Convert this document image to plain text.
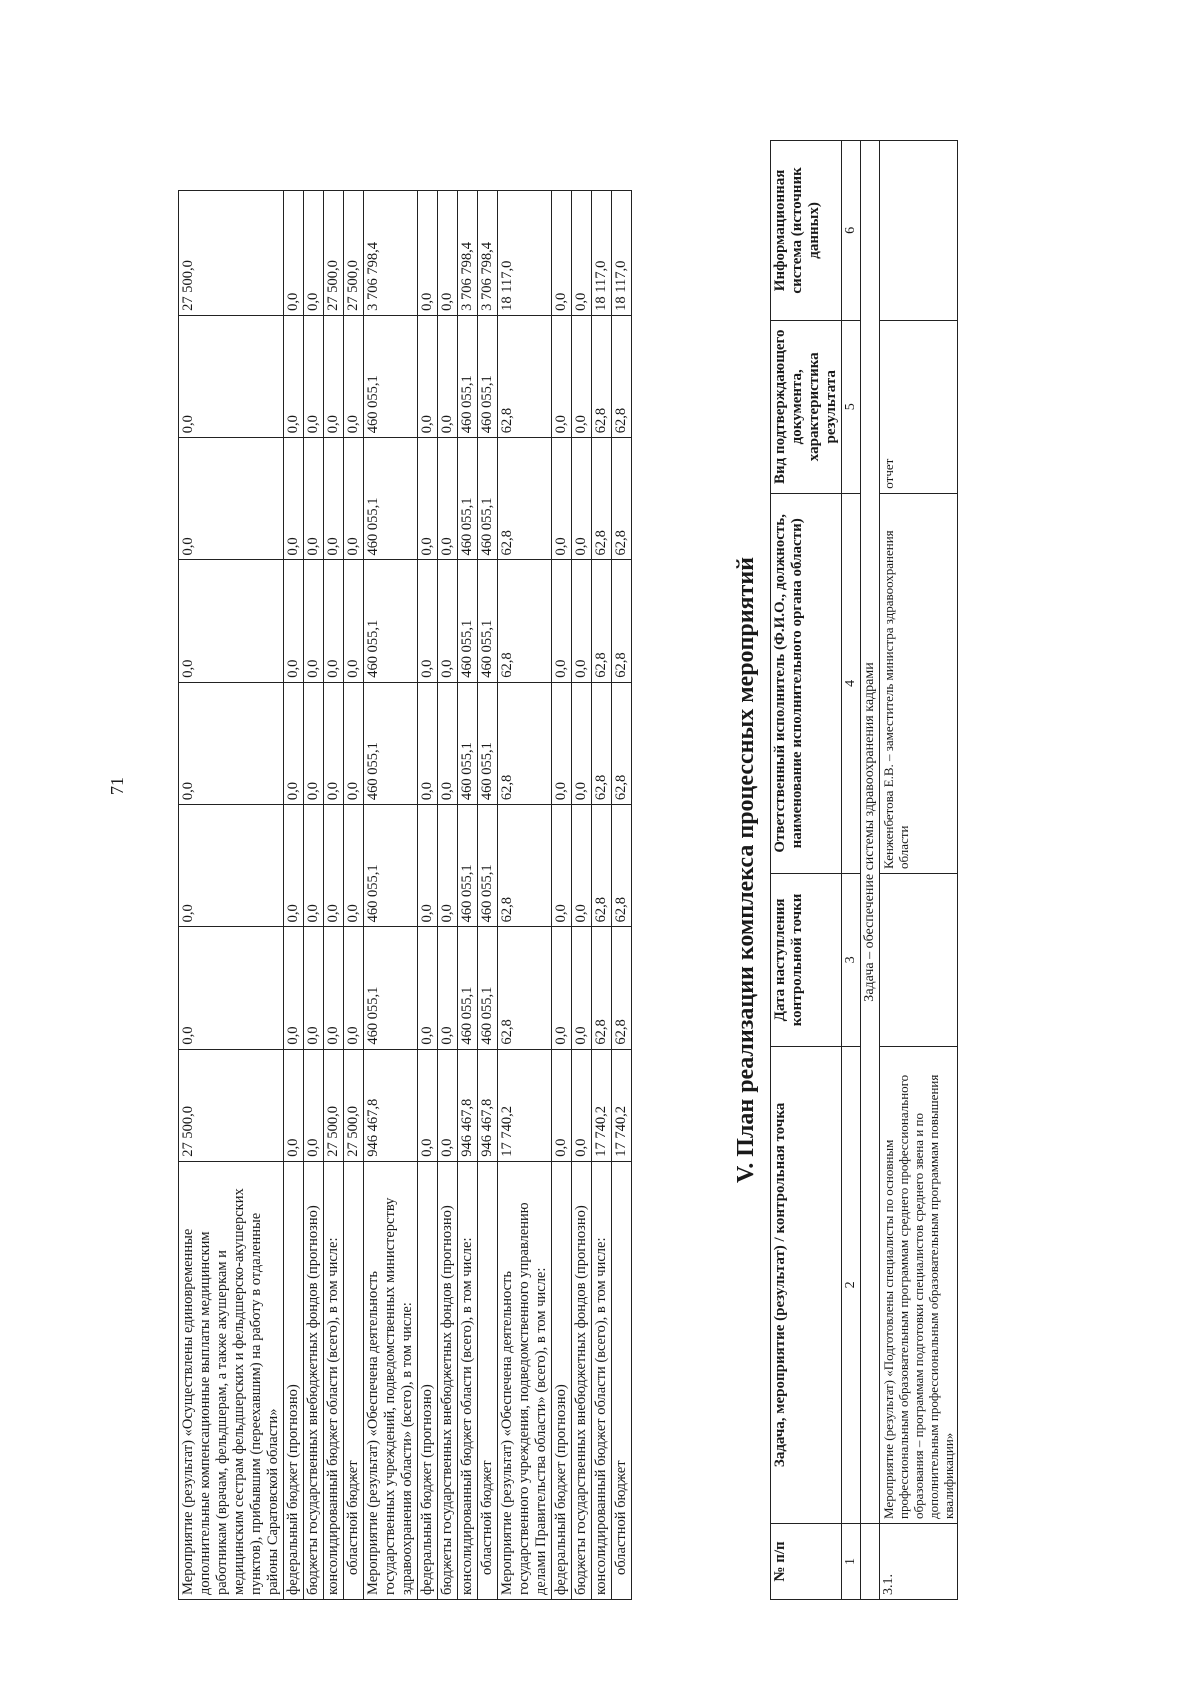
71
Мероприятие (результат) «Осуществлены единовременные дополнительные компенсационные выплаты медицинским работникам (врачам, фельдшерам, а также акушеркам и медицинским сестрам фельдшерских и фельдшерско-акушерских пунктов), прибывшим (переехавшим) на работу в отдаленные районы Саратовской области»	27 500,0	0,0	0,0	0,0	0,0	0,0	0,0	27 500,0
федеральный бюджет (прогнозно)	0,0	0,0	0,0	0,0	0,0	0,0	0,0	0,0
бюджеты государственных внебюджетных фондов (прогнозно)	0,0	0,0	0,0	0,0	0,0	0,0	0,0	0,0
консолидированный бюджет области (всего), в том числе:	27 500,0	0,0	0,0	0,0	0,0	0,0	0,0	27 500,0
областной бюджет	27 500,0	0,0	0,0	0,0	0,0	0,0	0,0	27 500,0
Мероприятие (результат) «Обеспечена деятельность государственных учреждений, подведомственных министерству здравоохранения области» (всего), в том числе:	946 467,8	460 055,1	460 055,1	460 055,1	460 055,1	460 055,1	460 055,1	3 706 798,4
федеральный бюджет (прогнозно)	0,0	0,0	0,0	0,0	0,0	0,0	0,0	0,0
бюджеты государственных внебюджетных фондов (прогнозно)	0,0	0,0	0,0	0,0	0,0	0,0	0,0	0,0
консолидированный бюджет области (всего), в том числе:	946 467,8	460 055,1	460 055,1	460 055,1	460 055,1	460 055,1	460 055,1	3 706 798,4
областной бюджет	946 467,8	460 055,1	460 055,1	460 055,1	460 055,1	460 055,1	460 055,1	3 706 798,4
Мероприятие (результат) «Обеспечена деятельность государственного учреждения, подведомственного управлению делами Правительства области» (всего), в том числе:	17 740,2	62,8	62,8	62,8	62,8	62,8	62,8	18 117,0
федеральный бюджет (прогнозно)	0,0	0,0	0,0	0,0	0,0	0,0	0,0	0,0
бюджеты государственных внебюджетных фондов (прогнозно)	0,0	0,0	0,0	0,0	0,0	0,0	0,0	0,0
консолидированный бюджет области (всего), в том числе:	17 740,2	62,8	62,8	62,8	62,8	62,8	62,8	18 117,0
областной бюджет	17 740,2	62,8	62,8	62,8	62,8	62,8	62,8	18 117,0
V. План реализации комплекса процессных мероприятий
№ п/п	Задача, мероприятие (результат) / контрольная точка	Дата наступления контрольной точки	Ответственный исполнитель (Ф.И.О., должность, наименование исполнительного органа области)	Вид подтверждающего документа, характеристика результата	Информационная система (источник данных)
1	2	3	4	5	6
	Задача – обеспечение системы здравоохранения кадрами				
3.1.	Мероприятие (результат) «Подготовлены специалисты по основным профессиональным образовательным программам среднего профессионального образования – программам подготовки специалистов среднего звена и по дополнительным профессиональным образовательным программам повышения квалификации»		Кенженбетова Е.В. – заместитель министра здравоохранения области	отчет	
